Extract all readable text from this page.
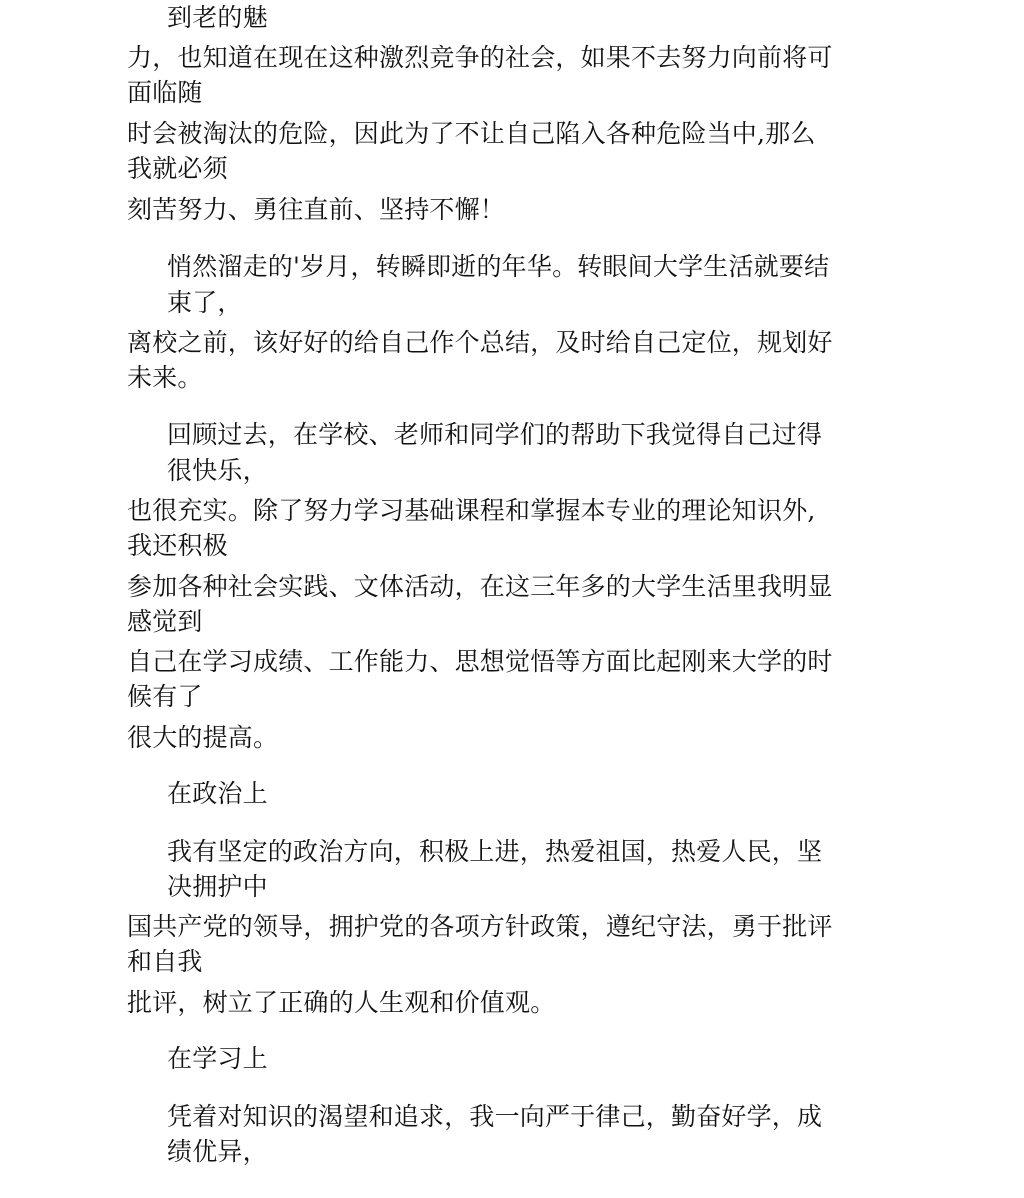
到老的魅
力，也知道在现在这种激烈竞争的社会，如果不去努力向前将可
面临随
时会被淘汰的危险，因此为了不让自己陷入各种危险当中,那么
我就必须
刻苦努力、勇往直前、坚持不懈！
悄然溜走的'岁月，转瞬即逝的年华。转眼间大学生活就要结
束了，
离校之前，该好好的给自己作个总结，及时给自己定位，规划好
未来。
回顾过去，在学校、老师和同学们的帮助下我觉得自己过得
很快乐，
也很充实。除了努力学习基础课程和掌握本专业的理论知识外,
我还积极
参加各种社会实践、文体活动，在这三年多的大学生活里我明显
感觉到
自己在学习成绩、工作能力、思想觉悟等方面比起刚来大学的时
候有了
很大的提高。
在政治上
我有坚定的政治方向，积极上进，热爱祖国，热爱人民，坚
决拥护中
国共产党的领导，拥护党的各项方针政策，遵纪守法，勇于批评
和自我
批评，树立了正确的人生观和价值观。
在学习上
凭着对知识的渴望和追求，我一向严于律己，勤奋好学，成
绩优异，
